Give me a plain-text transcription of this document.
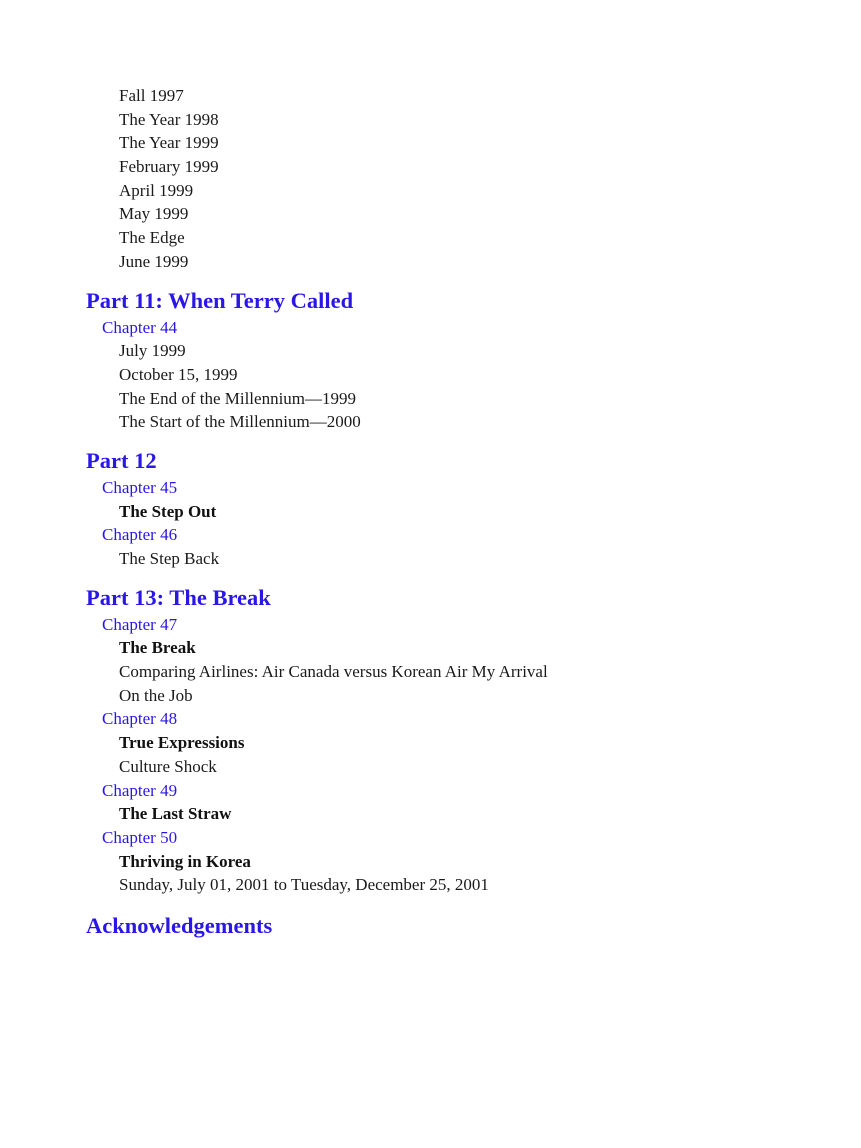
Fall 1997
The Year 1998
The Year 1999
February 1999
April 1999
May 1999
The Edge
June 1999
Part 11: When Terry Called
Chapter 44
July 1999
October 15, 1999
The End of the Millennium—1999
The Start of the Millennium—2000
Part 12
Chapter 45
The Step Out
Chapter 46
The Step Back
Part 13: The Break
Chapter 47
The Break
Comparing Airlines: Air Canada versus Korean Air My Arrival
On the Job
Chapter 48
True Expressions
Culture Shock
Chapter 49
The Last Straw
Chapter 50
Thriving in Korea
Sunday, July 01, 2001 to Tuesday, December 25, 2001
Acknowledgements
